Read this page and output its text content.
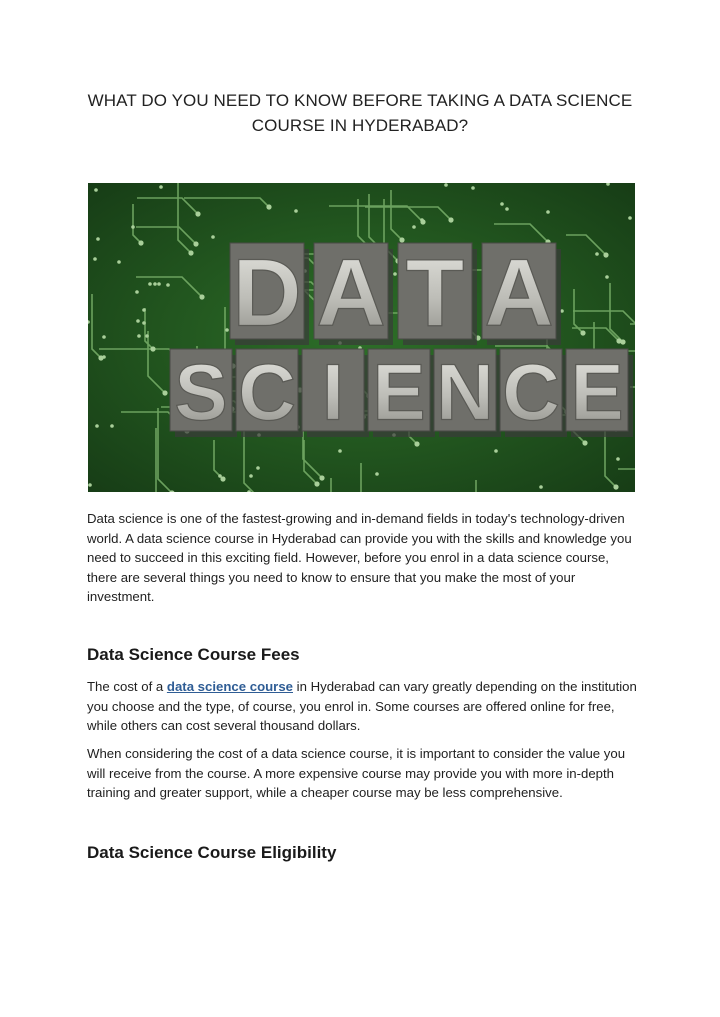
WHAT DO YOU NEED TO KNOW BEFORE TAKING A DATA SCIENCE COURSE IN HYDERABAD?
D A T A
S C I E N C E

Data science is one of the fastest-growing and in-demand fields in today's technology-driven world. A data science course in Hyderabad can provide you with the skills and knowledge you need to succeed in this exciting field. However, before you enrol in a data science course, there are several things you need to know to ensure that you make the most of your investment.

Data Science Course Fees

The cost of a data science course in Hyderabad can vary greatly depending on the institution you choose and the type, of course, you enrol in. Some courses are offered online for free, while others can cost several thousand dollars.

When considering the cost of a data science course, it is important to consider the value you will receive from the course. A more expensive course may provide you with more in-depth training and greater support, while a cheaper course may be less comprehensive.

Data Science Course Eligibility
